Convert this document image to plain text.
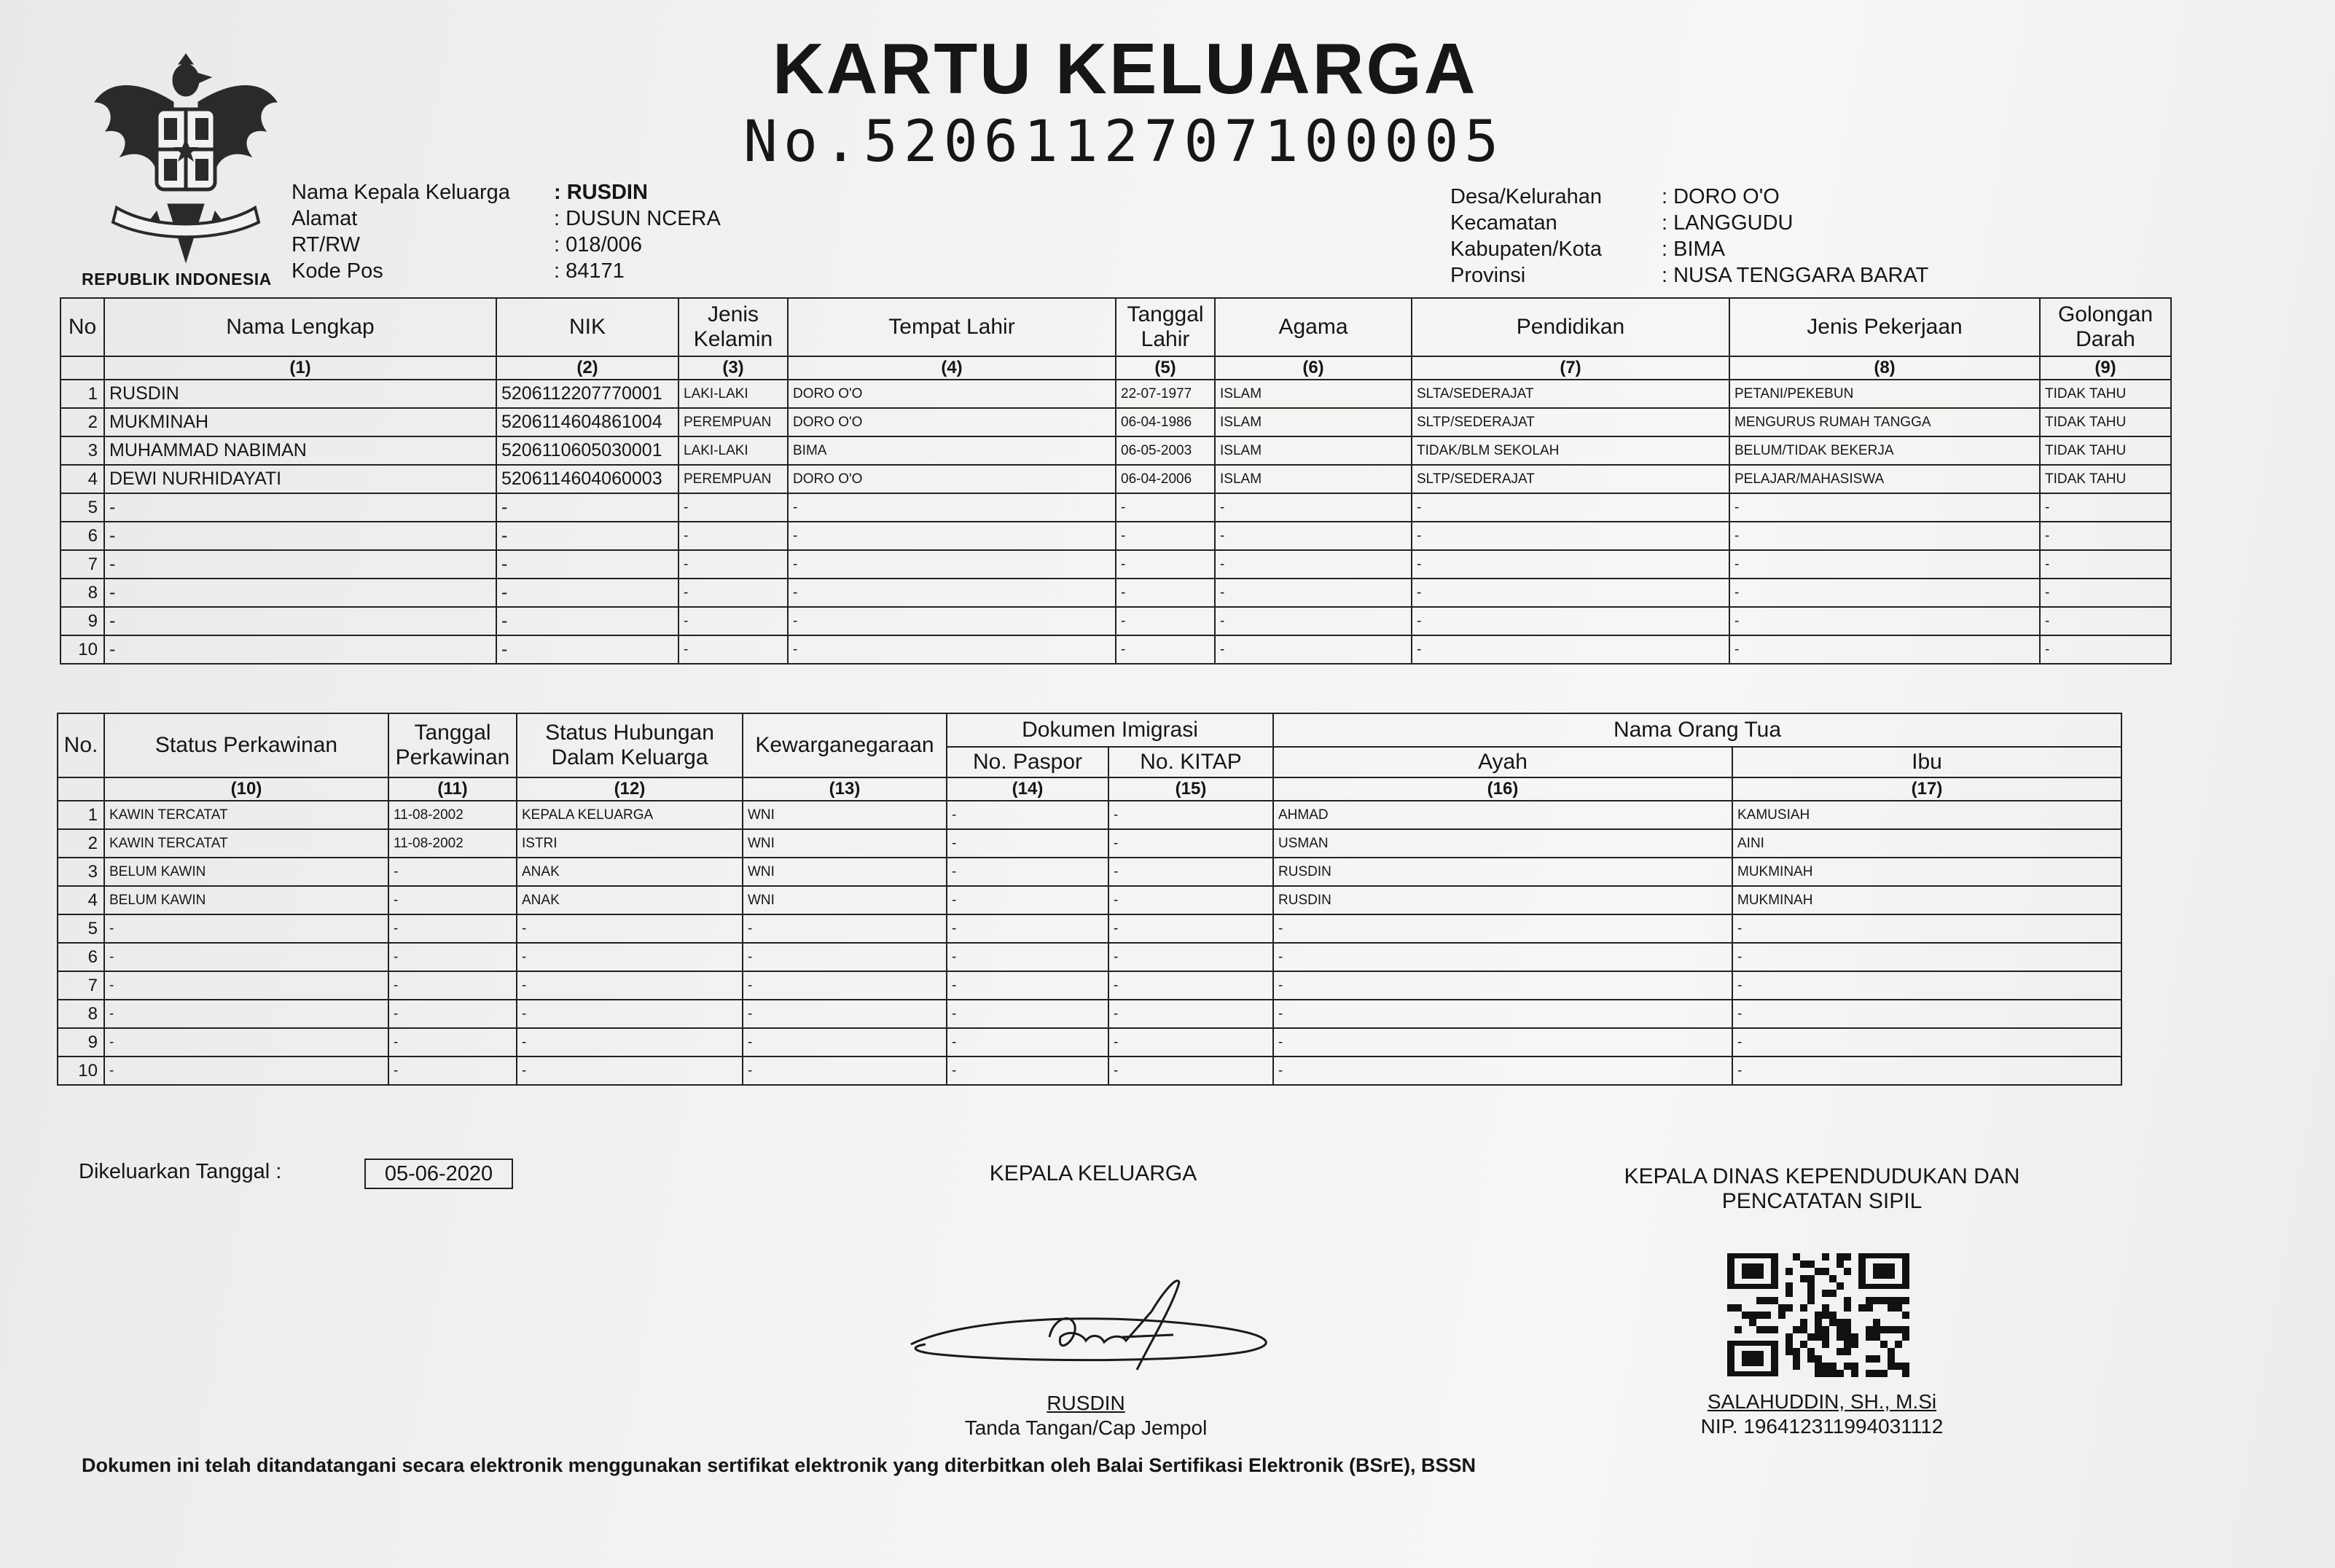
REPUBLIK INDONESIA
KARTU KELUARGA
No.5206112707100005
Nama Kepala Keluarga : RUSDIN
Alamat	: DUSUN NCERA
RT/RW	: 018/006
Kode Pos	: 84171
Desa/Kelurahan	: DORO O'O
Kecamatan	: LANGGUDU
Kabupaten/Kota	: BIMA
Provinsi	: NUSA TENGGARA BARAT
No	Nama Lengkap	NIK	Jenis Kelamin	Tempat Lahir	Tanggal Lahir	Agama	Pendidikan	Jenis Pekerjaan	Golongan Darah
	(1)	(2)	(3)	(4)	(5)	(6)	(7)	(8)	(9)
1	RUSDIN	5206112207770001	LAKI-LAKI	DORO O'O	22-07-1977	ISLAM	SLTA/SEDERAJAT	PETANI/PEKEBUN	TIDAK TAHU
2	MUKMINAH	5206114604861004	PEREMPUAN	DORO O'O	06-04-1986	ISLAM	SLTP/SEDERAJAT	MENGURUS RUMAH TANGGA	TIDAK TAHU
3	MUHAMMAD NABIMAN	5206110605030001	LAKI-LAKI	BIMA	06-05-2003	ISLAM	TIDAK/BLM SEKOLAH	BELUM/TIDAK BEKERJA	TIDAK TAHU
4	DEWI NURHIDAYATI	5206114604060003	PEREMPUAN	DORO O'O	06-04-2006	ISLAM	SLTP/SEDERAJAT	PELAJAR/MAHASISWA	TIDAK TAHU
5	-	-	-	-	-	-	-	-	-
6	-	-	-	-	-	-	-	-	-
7	-	-	-	-	-	-	-	-	-
8	-	-	-	-	-	-	-	-	-
9	-	-	-	-	-	-	-	-	-
10	-	-	-	-	-	-	-	-	-
No.	Status Perkawinan	Tanggal Perkawinan	Status Hubungan Dalam Keluarga	Kewarganegaraan	Dokumen Imigrasi		Nama Orang Tua	
					No. Paspor	No. KITAP	Ayah	Ibu
	(10)	(11)	(12)	(13)	(14)	(15)	(16)	(17)
1	KAWIN TERCATAT	11-08-2002	KEPALA KELUARGA	WNI	-	-	AHMAD	KAMUSIAH
2	KAWIN TERCATAT	11-08-2002	ISTRI	WNI	-	-	USMAN	AINI
3	BELUM KAWIN	-	ANAK	WNI	-	-	RUSDIN	MUKMINAH
4	BELUM KAWIN	-	ANAK	WNI	-	-	RUSDIN	MUKMINAH
5	-	-	-	-	-	-	-	-
6	-	-	-	-	-	-	-	-
7	-	-	-	-	-	-	-	-
8	-	-	-	-	-	-	-	-
9	-	-	-	-	-	-	-	-
10	-	-	-	-	-	-	-	-
Dikeluarkan Tanggal :	05-06-2020	KEPALA KELUARGA
RUSDIN
Tanda Tangan/Cap Jempol
KEPALA DINAS KEPENDUDUKAN DAN
PENCATATAN SIPIL
SALAHUDDIN, SH., M.Si
NIP. 196412311994031112
Dokumen ini telah ditandatangani secara elektronik menggunakan sertifikat elektronik yang diterbitkan oleh Balai Sertifikasi Elektronik (BSrE), BSSN
